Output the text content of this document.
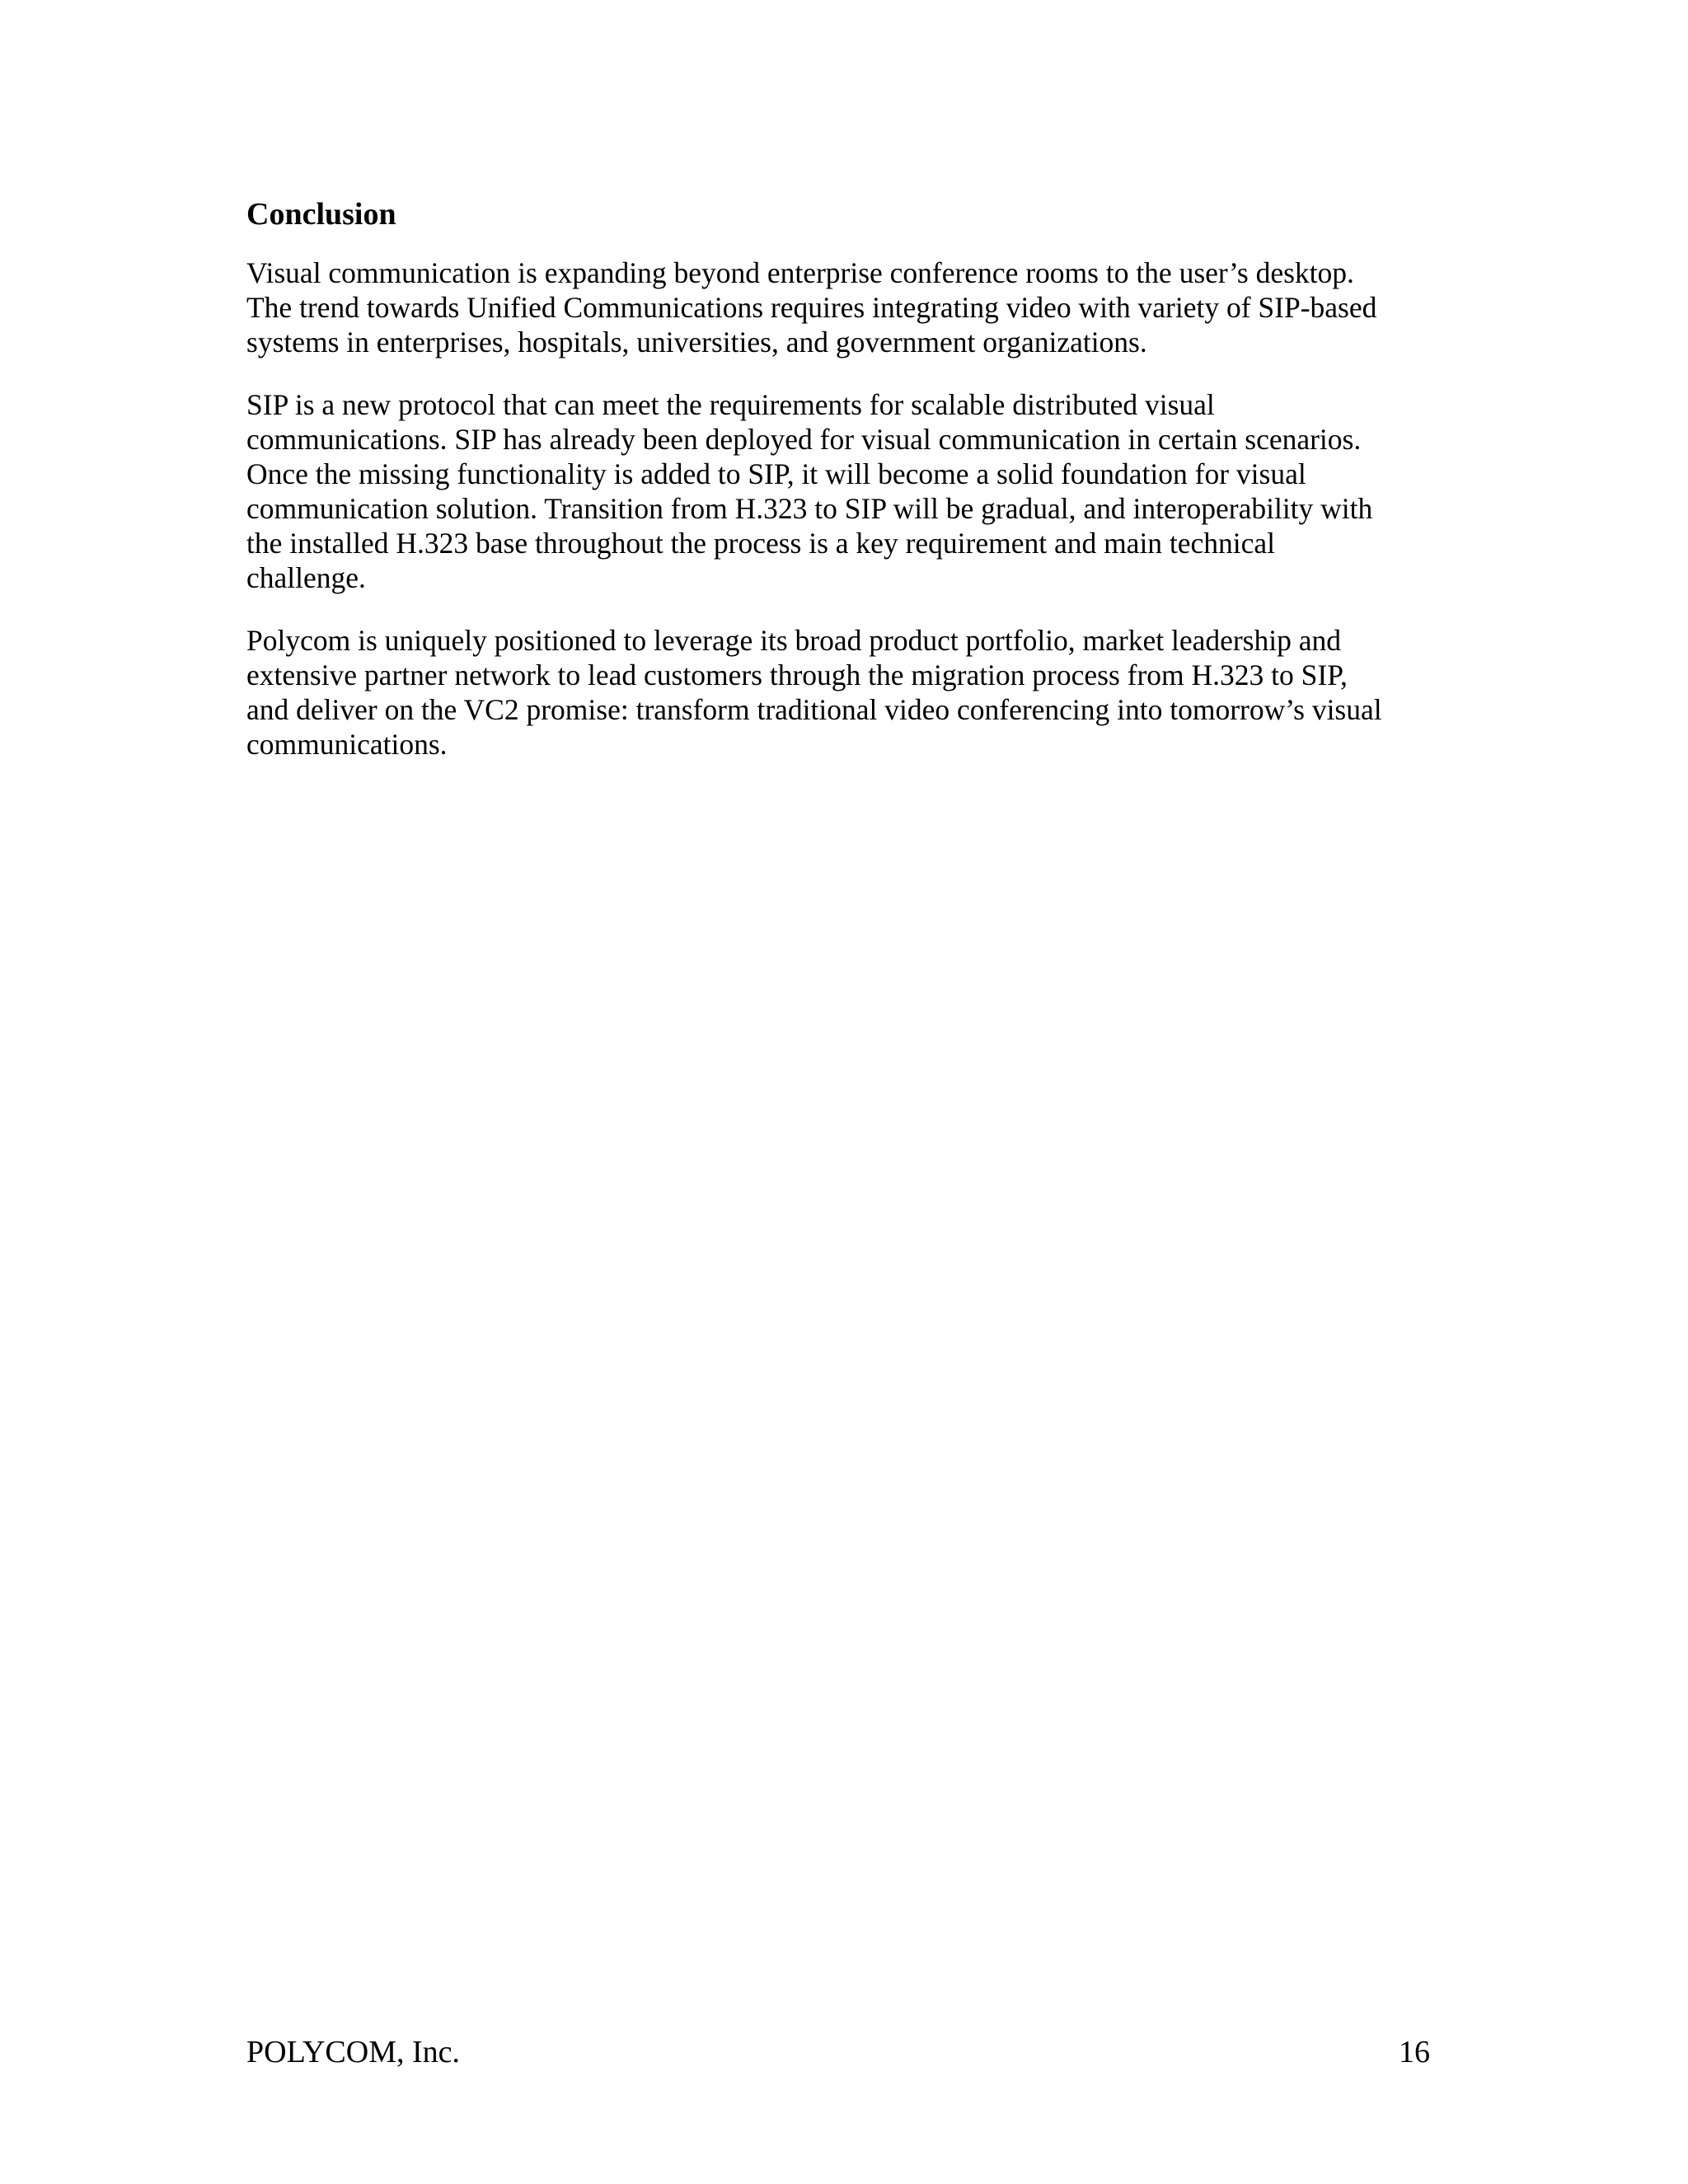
Conclusion

Visual communication is expanding beyond enterprise conference rooms to the user’s desktop.
The trend towards Unified Communications requires integrating video with variety of SIP-based
systems in enterprises, hospitals, universities, and government organizations.

SIP is a new protocol that can meet the requirements for scalable distributed visual
communications. SIP has already been deployed for visual communication in certain scenarios.
Once the missing functionality is added to SIP, it will become a solid foundation for visual
communication solution. Transition from H.323 to SIP will be gradual, and interoperability with
the installed H.323 base throughout the process is a key requirement and main technical
challenge.

Polycom is uniquely positioned to leverage its broad product portfolio, market leadership and
extensive partner network to lead customers through the migration process from H.323 to SIP,
and deliver on the VC2 promise: transform traditional video conferencing into tomorrow’s visual
communications.

POLYCOM, Inc.	16
